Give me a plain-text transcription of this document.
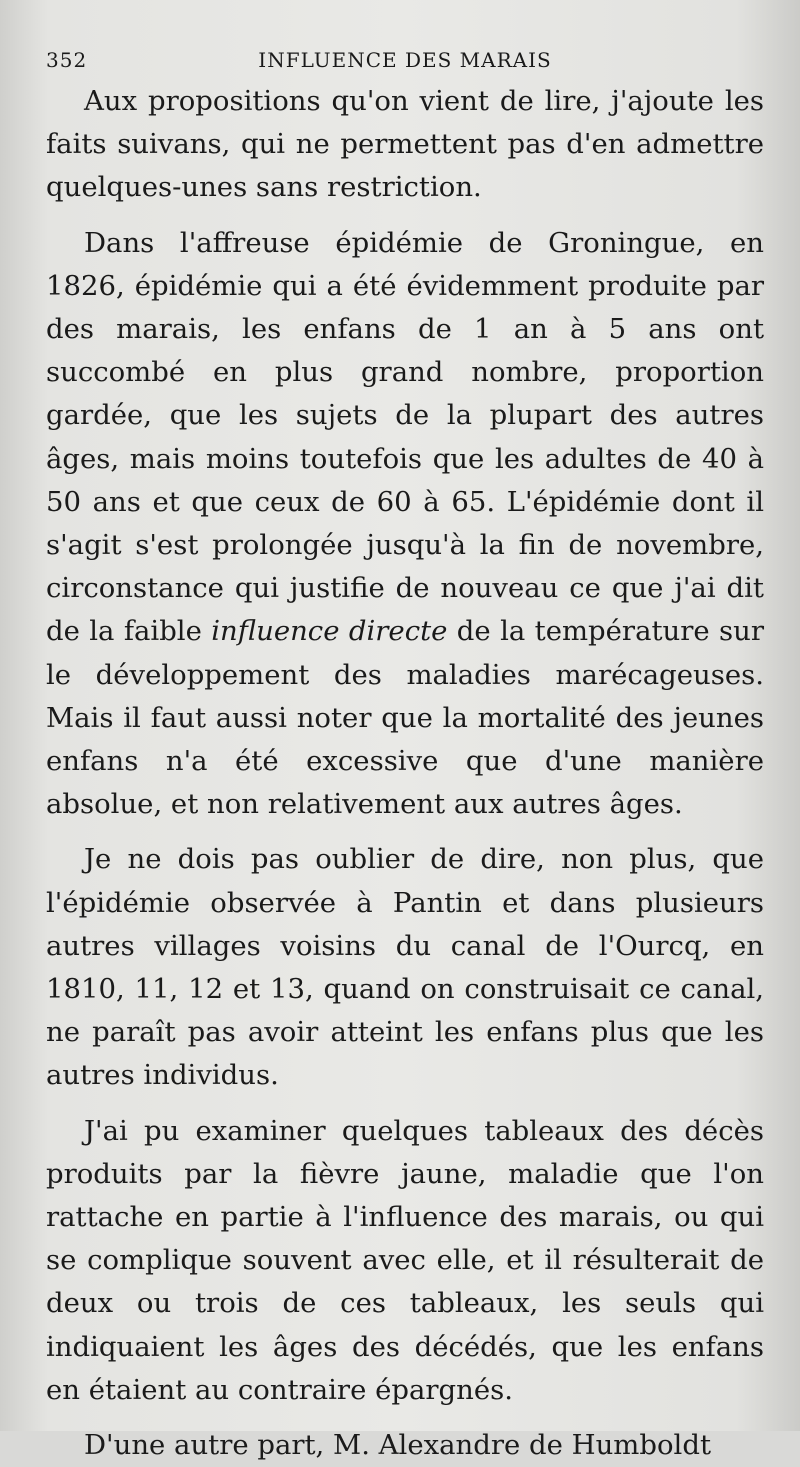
352	INFLUENCE DES MARAIS

Aux propositions qu'on vient de lire, j'ajoute les faits suivans, qui ne permettent pas d'en admettre quelques-unes sans restriction.

Dans l'affreuse épidémie de Groningue, en 1826, épidémie qui a été évidemment produite par des marais, les enfans de 1 an à 5 ans ont succombé en plus grand nombre, proportion gardée, que les sujets de la plupart des autres âges, mais moins toutefois que les adultes de 40 à 50 ans et que ceux de 60 à 65. L'épidémie dont il s'agit s'est prolongée jusqu'à la fin de novembre, circonstance qui justifie de nouveau ce que j'ai dit de la faible influence directe de la température sur le développement des maladies marécageuses. Mais il faut aussi noter que la mortalité des jeunes enfans n'a été excessive que d'une manière absolue, et non relativement aux autres âges.

Je ne dois pas oublier de dire, non plus, que l'épidémie observée à Pantin et dans plusieurs autres villages voisins du canal de l'Ourcq, en 1810, 11, 12 et 13, quand on construisait ce canal, ne paraît pas avoir atteint les enfans plus que les autres individus.

J'ai pu examiner quelques tableaux des décès produits par la fièvre jaune, maladie que l'on rattache en partie à l'influence des marais, ou qui se complique souvent avec elle, et il résulterait de deux ou trois de ces tableaux, les seuls qui indiquaient les âges des décédés, que les enfans en étaient au contraire épargnés.

D'une autre part, M. Alexandre de Humboldt
